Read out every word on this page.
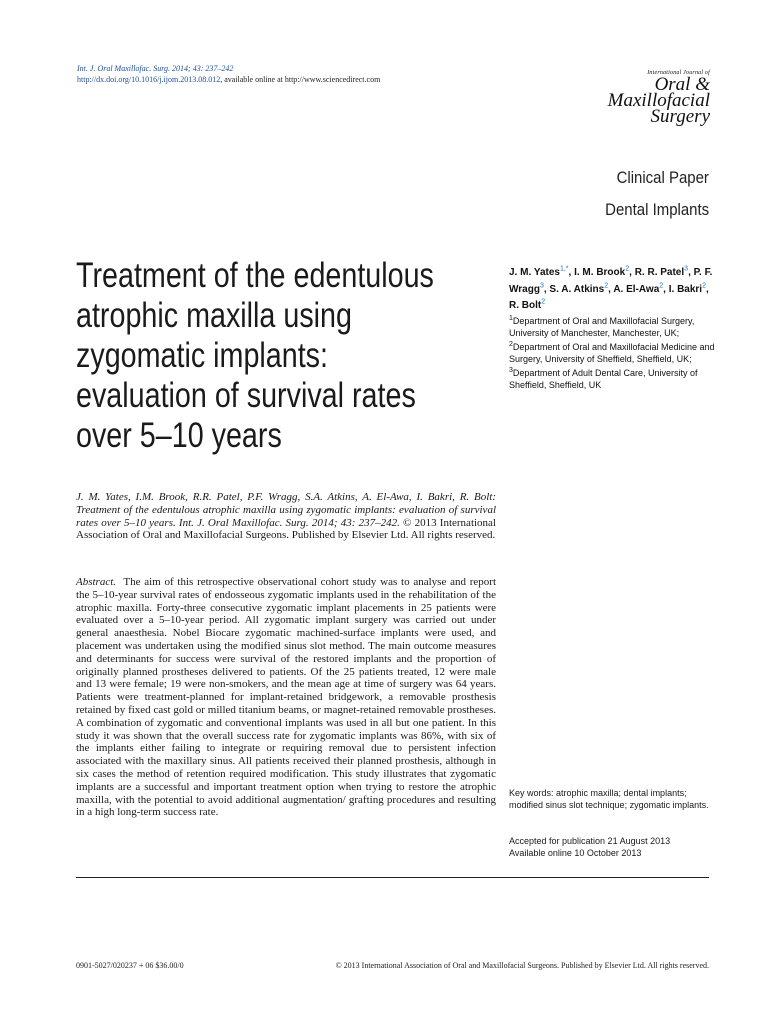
Int. J. Oral Maxillofac. Surg. 2014; 43: 237–242
http://dx.doi.org/10.1016/j.ijom.2013.08.012, available online at http://www.sciencedirect.com
International Journal of
Oral &
Maxillofacial
Surgery
Clinical Paper
Dental Implants
Treatment of the edentulous atrophic maxilla using zygomatic implants: evaluation of survival rates over 5–10 years
J. M. Yates$^{1,*}$, I. M. Brook$^2$, R. R. Patel$^3$, P. F. Wragg$^3$, S. A. Atkins$^2$, A. El-Awa$^2$, I. Bakri$^2$, R. Bolt$^2$
$^1$Department of Oral and Maxillofacial Surgery, University of Manchester, Manchester, UK; $^2$Department of Oral and Maxillofacial Medicine and Surgery, University of Sheffield, Sheffield, UK; $^3$Department of Adult Dental Care, University of Sheffield, Sheffield, UK
J. M. Yates, I.M. Brook, R.R. Patel, P.F. Wragg, S.A. Atkins, A. El-Awa, I. Bakri, R. Bolt: Treatment of the edentulous atrophic maxilla using zygomatic implants: evaluation of survival rates over 5–10 years. Int. J. Oral Maxillofac. Surg. 2014; 43: 237–242. © 2013 International Association of Oral and Maxillofacial Surgeons. Published by Elsevier Ltd. All rights reserved.
Abstract. The aim of this retrospective observational cohort study was to analyse and report the 5–10-year survival rates of endosseous zygomatic implants used in the rehabilitation of the atrophic maxilla. Forty-three consecutive zygomatic implant placements in 25 patients were evaluated over a 5–10-year period. All zygomatic implant surgery was carried out under general anaesthesia. Nobel Biocare zygomatic machined-surface implants were used, and placement was undertaken using the modified sinus slot method. The main outcome measures and determinants for success were survival of the restored implants and the proportion of originally planned prostheses delivered to patients. Of the 25 patients treated, 12 were male and 13 were female; 19 were non-smokers, and the mean age at time of surgery was 64 years. Patients were treatment-planned for implant-retained bridgework, a removable prosthesis retained by fixed cast gold or milled titanium beams, or magnet-retained removable prostheses. A combination of zygomatic and conventional implants was used in all but one patient. In this study it was shown that the overall success rate for zygomatic implants was 86%, with six of the implants either failing to integrate or requiring removal due to persistent infection associated with the maxillary sinus. All patients received their planned prosthesis, although in six cases the method of retention required modification. This study illustrates that zygomatic implants are a successful and important treatment option when trying to restore the atrophic maxilla, with the potential to avoid additional augmentation/ grafting procedures and resulting in a high long-term success rate.
Key words: atrophic maxilla; dental implants; modified sinus slot technique; zygomatic implants.
Accepted for publication 21 August 2013
Available online 10 October 2013
0901-5027/020237 + 06 $36.00/0	© 2013 International Association of Oral and Maxillofacial Surgeons. Published by Elsevier Ltd. All rights reserved.
